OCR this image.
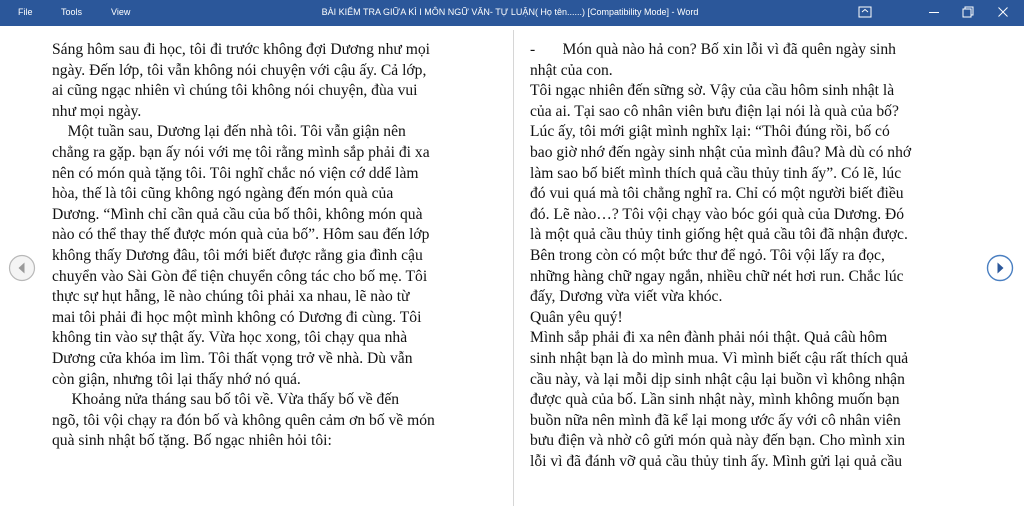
File	Tools	View	BÀI KIỂM TRA GIỮA KÌ I MÔN NGỮ VĂN- TỰ LUẬN( Họ tên......) [Compatibility Mode] - Word

Sáng hôm sau đi học, tôi đi trước không đợi Dương như mọi

ngày. Đến lớp, tôi vẫn không nói chuyện với cậu ấy. Cả lớp,

ai cũng ngạc nhiên vì chúng tôi không nói chuyện, đùa vui

như mọi ngày.

Một tuần sau, Dương lại đến nhà tôi. Tôi vẫn giận nên

chẳng ra gặp. bạn ấy nói với mẹ tôi rằng mình sắp phải đi xa

nên có món quà tặng tôi. Tôi nghĩ chắc nó viện cớ ddể làm

hòa, thế là tôi cũng không ngó ngàng đến món quà của

Dương. “Mình chỉ cần quả cầu của bố thôi, không món quà

nào có thể thay thế được món quà của bố”. Hôm sau đến lớp

không thấy Dương đâu, tôi mới biết được rằng gia đình cậu

chuyển vào Sài Gòn để tiện chuyển công tác cho bố mẹ. Tôi

thực sự hụt hẫng, lẽ nào chúng tôi phải xa nhau, lẽ nào từ

mai tôi phải đi học một mình không có Dương đi cùng. Tôi

không tin vào sự thật ấy. Vừa học xong, tôi chạy qua nhà

Dương cửa khóa im lìm. Tôi thất vọng trở về nhà. Dù vẫn

còn giận, nhưng tôi lại thấy nhớ nó quá.

Khoảng nửa tháng sau bố tôi về. Vừa thấy bố về đến

ngõ, tôi vội chạy ra đón bố và không quên cảm ơn bố về món

quà sinh nhật bố tặng. Bố ngạc nhiên hỏi tôi:

-       Món quà nào hả con? Bố xin lỗi vì đã quên ngày sinh

nhật của con.

Tôi ngạc nhiên đến sững sờ. Vậy của cầu hôm sinh nhật là

của ai. Tại sao cô nhân viên bưu điện lại nói là quà của bố?

Lúc ấy, tôi mới giật mình nghĩx lại: “Thôi đúng rồi, bố có

bao giờ nhớ đến ngày sinh nhật của mình đâu? Mà dù có nhớ

làm sao bố biết mình thích quả cầu thủy tinh ấy”. Có lẽ, lúc

đó vui quá mà tôi chẳng nghĩ ra. Chỉ có một người biết điều

đó. Lẽ nào…? Tôi vội chạy vào bóc gói quà của Dương. Đó

là một quả cầu thủy tinh giống hệt quả cầu tôi đã nhận được.

Bên trong còn có một bức thư để ngỏ. Tôi vội lấy ra đọc,

những hàng chữ ngay ngắn, nhiều chữ nét hơi run. Chắc lúc

đấy, Dương vừa viết vừa khóc.

Quân yêu quý!

Mình sắp phải đi xa nên đành phải nói thật. Quả câù hôm

sinh nhật bạn là do mình mua. Vì mình biết cậu rất thích quả

cầu này, và lại mỗi dịp sinh nhật cậu lại buồn vì không nhận

được quà của bố. Lần sinh nhật này, mình không muốn bạn

buồn nữa nên mình đã kể lại mong ước ấy với cô nhân viên

bưu điện và nhờ cô gửi món quà này đến bạn. Cho mình xin

lỗi vì đã đánh vỡ quả cầu thủy tinh ấy. Mình gửi lại quả cầu
